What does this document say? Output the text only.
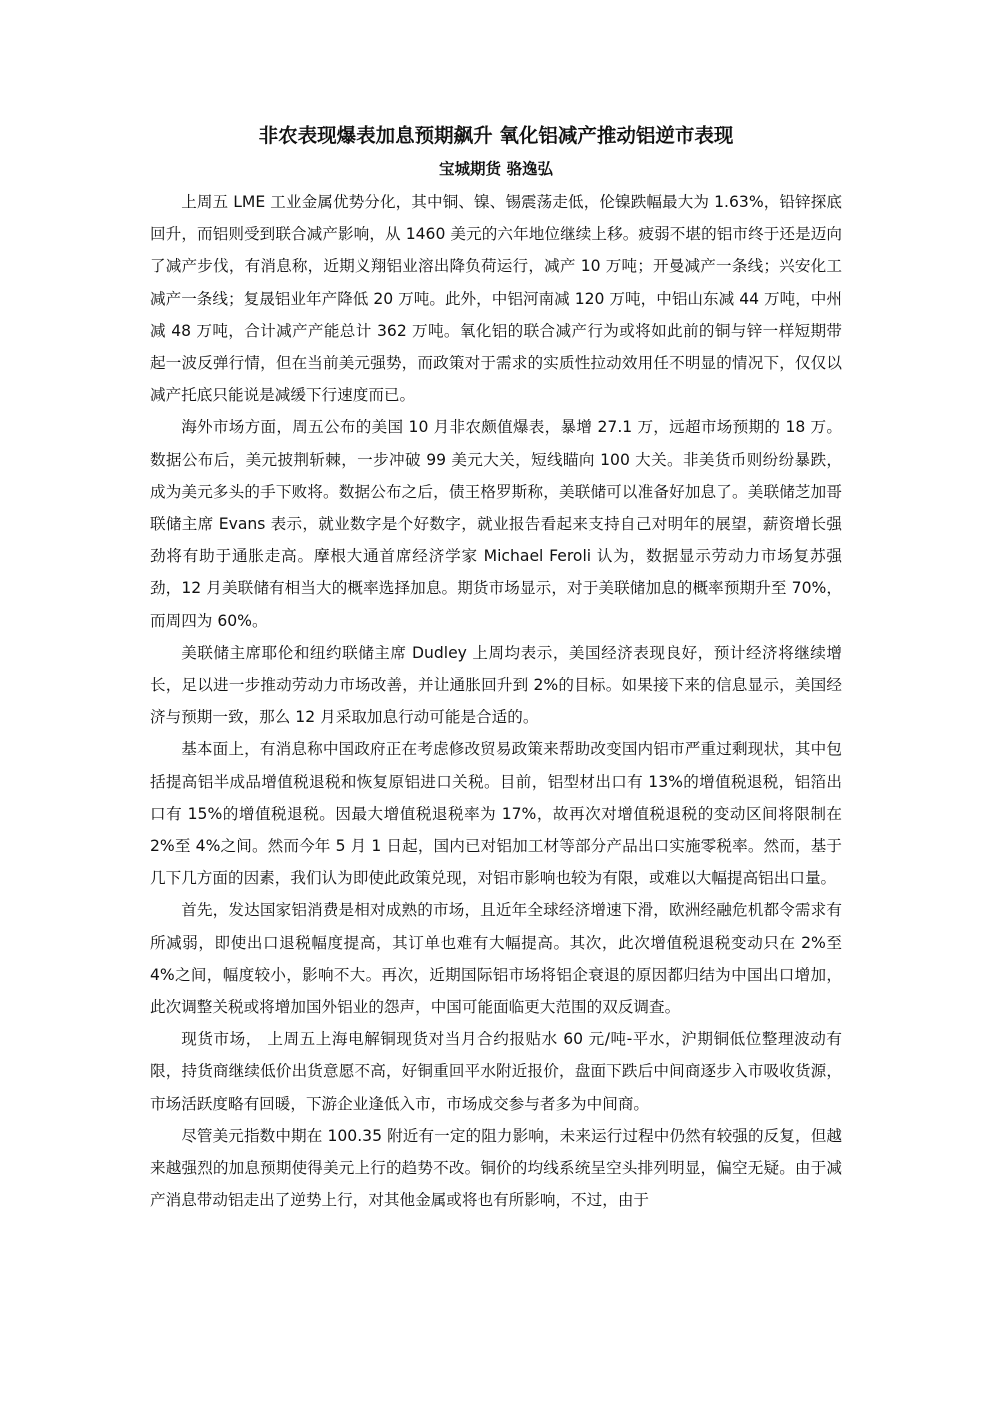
非农表现爆表加息预期飙升 氧化铝减产推动铝逆市表现
宝城期货 骆逸弘

上周五 LME 工业金属优势分化，其中铜、镍、锡震荡走低，伦镍跌幅最大为 1.63%，铅锌探底回升，而铝则受到联合减产影响，从 1460 美元的六年地位继续上移。疲弱不堪的铝市终于还是迈向了减产步伐，有消息称，近期义翔铝业溶出降负荷运行，减产 10 万吨；开曼减产一条线；兴安化工减产一条线；复晟铝业年产降低 20 万吨。此外，中铝河南减 120 万吨，中铝山东减 44 万吨，中州减 48 万吨，合计减产产能总计 362 万吨。氧化铝的联合减产行为或将如此前的铜与锌一样短期带起一波反弹行情，但在当前美元强势，而政策对于需求的实质性拉动效用任不明显的情况下，仅仅以减产托底只能说是减缓下行速度而已。

海外市场方面，周五公布的美国 10 月非农颇值爆表，暴增 27.1 万，远超市场预期的 18 万。数据公布后，美元披荆斩棘，一步冲破 99 美元大关，短线瞄向 100 大关。非美货币则纷纷暴跌，成为美元多头的手下败将。数据公布之后，债王格罗斯称，美联储可以准备好加息了。美联储芝加哥联储主席 Evans 表示，就业数字是个好数字，就业报告看起来支持自己对明年的展望，薪资增长强劲将有助于通胀走高。摩根大通首席经济学家 Michael Feroli 认为，数据显示劳动力市场复苏强劲，12 月美联储有相当大的概率选择加息。期货市场显示，对于美联储加息的概率预期升至 70%，而周四为 60%。

美联储主席耶伦和纽约联储主席 Dudley 上周均表示，美国经济表现良好，预计经济将继续增长，足以进一步推动劳动力市场改善，并让通胀回升到 2%的目标。如果接下来的信息显示，美国经济与预期一致，那么 12 月采取加息行动可能是合适的。

基本面上，有消息称中国政府正在考虑修改贸易政策来帮助改变国内铝市严重过剩现状，其中包括提高铝半成品增值税退税和恢复原铝进口关税。目前，铝型材出口有 13%的增值税退税，铝箔出口有 15%的增值税退税。因最大增值税退税率为 17%，故再次对增值税退税的变动区间将限制在 2%至 4%之间。然而今年 5 月 1 日起，国内已对铝加工材等部分产品出口实施零税率。然而，基于几下几方面的因素，我们认为即使此政策兑现，对铝市影响也较为有限，或难以大幅提高铝出口量。

首先，发达国家铝消费是相对成熟的市场，且近年全球经济增速下滑，欧洲经融危机都令需求有所减弱，即使出口退税幅度提高，其订单也难有大幅提高。其次，此次增值税退税变动只在 2%至 4%之间，幅度较小，影响不大。再次，近期国际铝市场将铝企衰退的原因都归结为中国出口增加，此次调整关税或将增加国外铝业的怨声，中国可能面临更大范围的双反调查。

现货市场， 上周五上海电解铜现货对当月合约报贴水 60 元/吨-平水，沪期铜低位整理波动有限，持货商继续低价出货意愿不高，好铜重回平水附近报价，盘面下跌后中间商逐步入市吸收货源，市场活跃度略有回暖，下游企业逢低入市，市场成交参与者多为中间商。

尽管美元指数中期在 100.35 附近有一定的阻力影响，未来运行过程中仍然有较强的反复，但越来越强烈的加息预期使得美元上行的趋势不改。铜价的均线系统呈空头排列明显，偏空无疑。由于减产消息带动铝走出了逆势上行，对其他金属或将也有所影响，不过，由于
